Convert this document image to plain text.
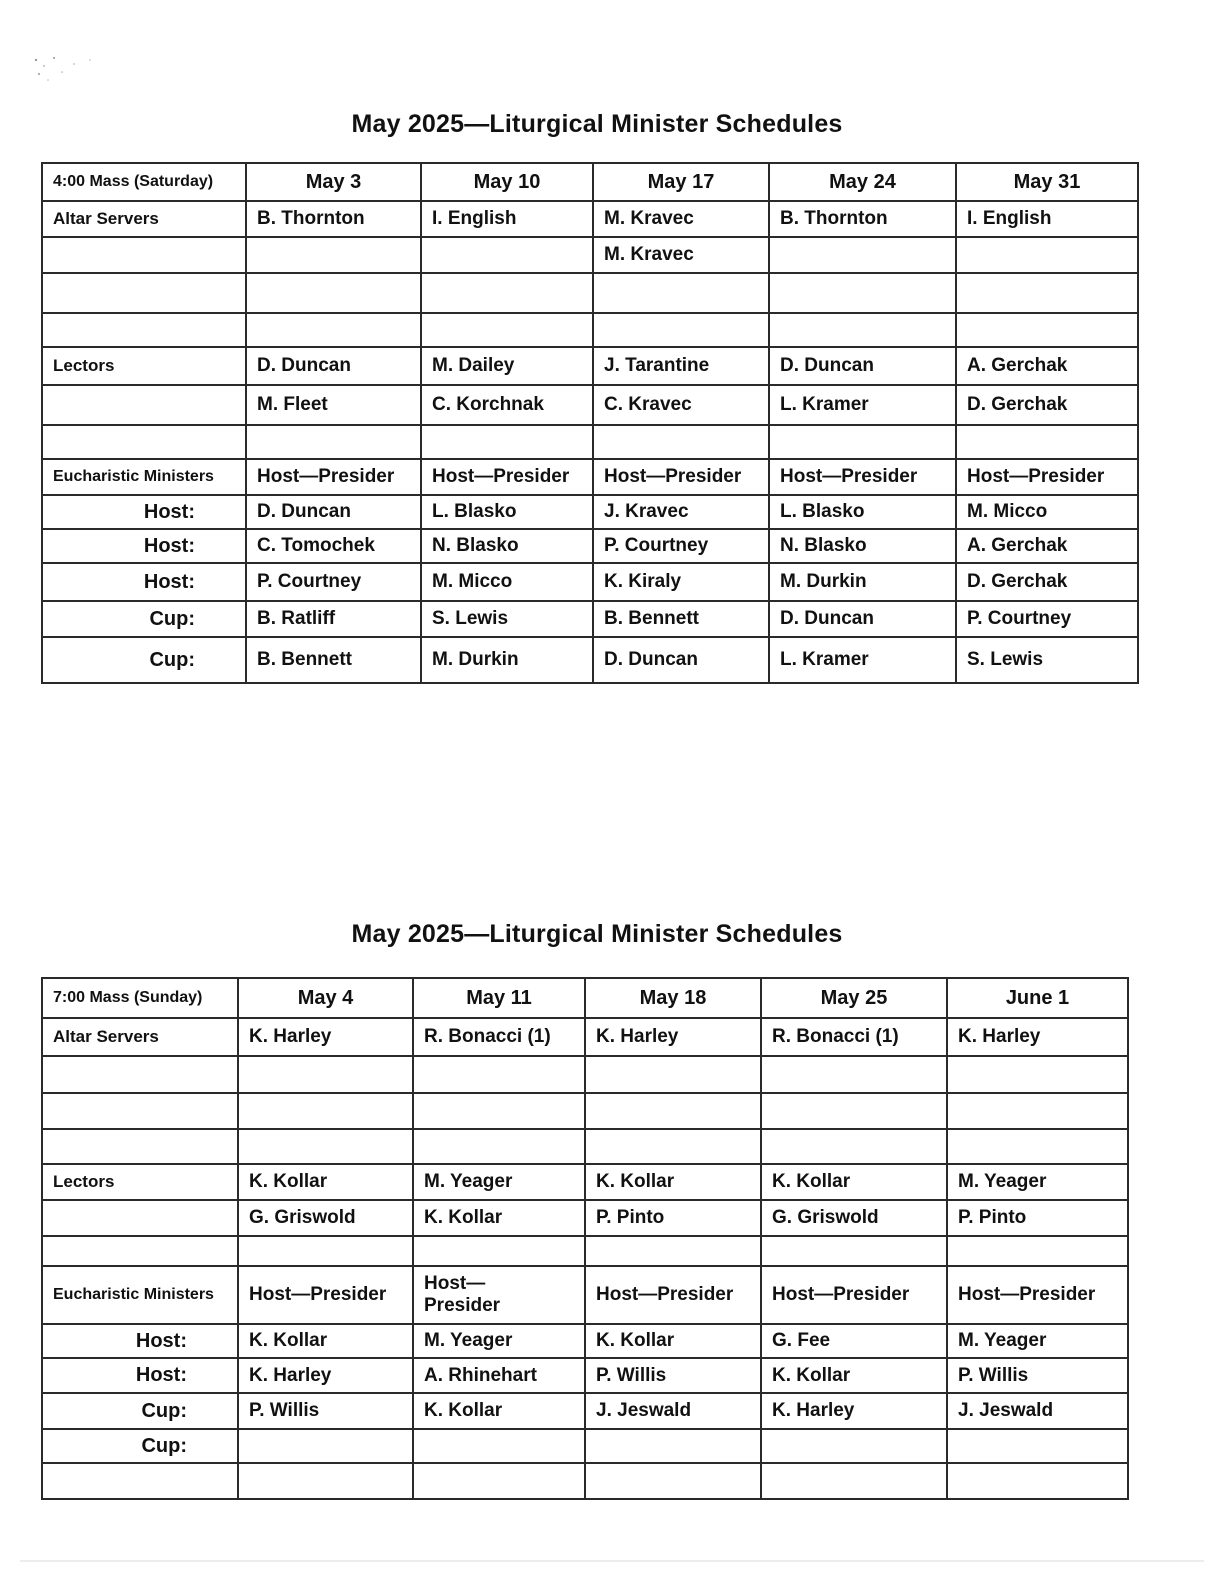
May 2025—Liturgical Minister Schedules
4:00 Mass (Saturday)	May 3	May 10	May 17	May 24	May 31
Altar Servers	B. Thornton	I. English	M. Kravec	B. Thornton	I. English
			M. Kravec		

Lectors	D. Duncan	M. Dailey	J. Tarantine	D. Duncan	A. Gerchak
	M. Fleet	C. Korchnak	C. Kravec	L. Kramer	D. Gerchak

Eucharistic Ministers	Host—Presider	Host—Presider	Host—Presider	Host—Presider	Host—Presider
Host:	D. Duncan	L. Blasko	J. Kravec	L. Blasko	M. Micco
Host:	C. Tomochek	N. Blasko	P. Courtney	N. Blasko	A. Gerchak
Host:	P. Courtney	M. Micco	K. Kiraly	M. Durkin	D. Gerchak
Cup:	B. Ratliff	S. Lewis	B. Bennett	D. Duncan	P. Courtney
Cup:	B. Bennett	M. Durkin	D. Duncan	L. Kramer	S. Lewis
May 2025—Liturgical Minister Schedules
7:00 Mass (Sunday)	May 4	May 11	May 18	May 25	June 1
Altar Servers	K. Harley	R. Bonacci (1)	K. Harley	R. Bonacci (1)	K. Harley

Lectors	K. Kollar	M. Yeager	K. Kollar	K. Kollar	M. Yeager
	G. Griswold	K. Kollar	P. Pinto	G. Griswold	P. Pinto

Eucharistic Ministers	Host—Presider	Host—
Presider	Host—Presider	Host—Presider	Host—Presider
Host:	K. Kollar	M. Yeager	K. Kollar	G. Fee	M. Yeager
Host:	K. Harley	A. Rhinehart	P. Willis	K. Kollar	P. Willis
Cup:	P. Willis	K. Kollar	J. Jeswald	K. Harley	J. Jeswald
Cup:					
